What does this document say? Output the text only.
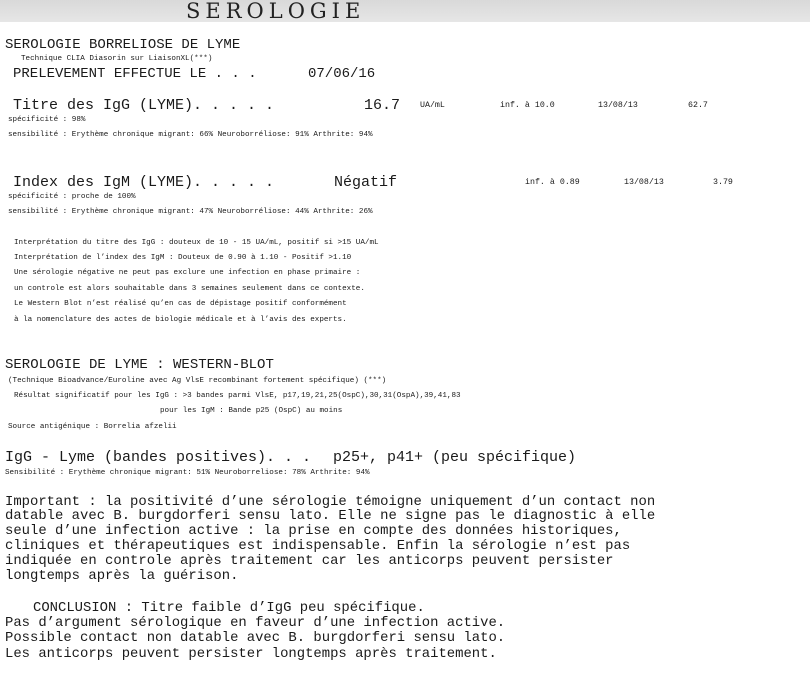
SEROLOGIE
SEROLOGIE BORRELIOSE DE LYME
Technique CLIA Diasorin sur LiaisonXL(***)
PRELEVEMENT EFFECTUE LE . . .	07/06/16
Titre des IgG (LYME). . . . .	16.7 UA/mL	inf. à 10.0	13/08/13	62.7
spécificité : 98%
sensibilité : Erythème chronique migrant: 66% Neuroborréliose: 91% Arthrite: 94%
Index des IgM (LYME). . . . .	Négatif	inf. à 0.89	13/08/13	3.79
spécificité : proche de 100%
sensibilité : Erythème chronique migrant: 47% Neuroborréliose: 44% Arthrite: 26%
Interprétation du titre des IgG : douteux de 10 - 15 UA/mL, positif si >15 UA/mL
Interprétation de l’index des IgM : Douteux de 0.90 à 1.10 - Positif >1.10
Une sérologie négative ne peut pas exclure une infection en phase primaire :
un controle est alors souhaitable dans 3 semaines seulement dans ce contexte.
Le Western Blot n’est réalisé qu’en cas de dépistage positif conformément
à la nomenclature des actes de biologie médicale et à l’avis des experts.
SEROLOGIE DE LYME : WESTERN-BLOT
(Technique Bioadvance/Euroline avec Ag VlsE recombinant fortement spécifique) (***)
Résultat significatif pour les IgG : >3 bandes parmi VlsE, p17,19,21,25(OspC),30,31(OspA),39,41,83
pour les IgM : Bande p25 (OspC) au moins
Source antigénique : Borrelia afzelii
IgG - Lyme (bandes positives). . . p25+, p41+ (peu spécifique)
Sensibilité : Erythème chronique migrant: 51% Neuroborreliose: 78% Arthrite: 94%
Important : la positivité d’une sérologie témoigne uniquement d’un contact non
datable avec B. burgdorferi sensu lato. Elle ne signe pas le diagnostic à elle
seule d’une infection active : la prise en compte des données historiques,
cliniques et thérapeutiques est indispensable. Enfin la sérologie n’est pas
indiquée en controle après traitement car les anticorps peuvent persister
longtemps après la guérison.
CONCLUSION : Titre faible d’IgG peu spécifique.
Pas d’argument sérologique en faveur d’une infection active.
Possible contact non datable avec B. burgdorferi sensu lato.
Les anticorps peuvent persister longtemps après traitement.
